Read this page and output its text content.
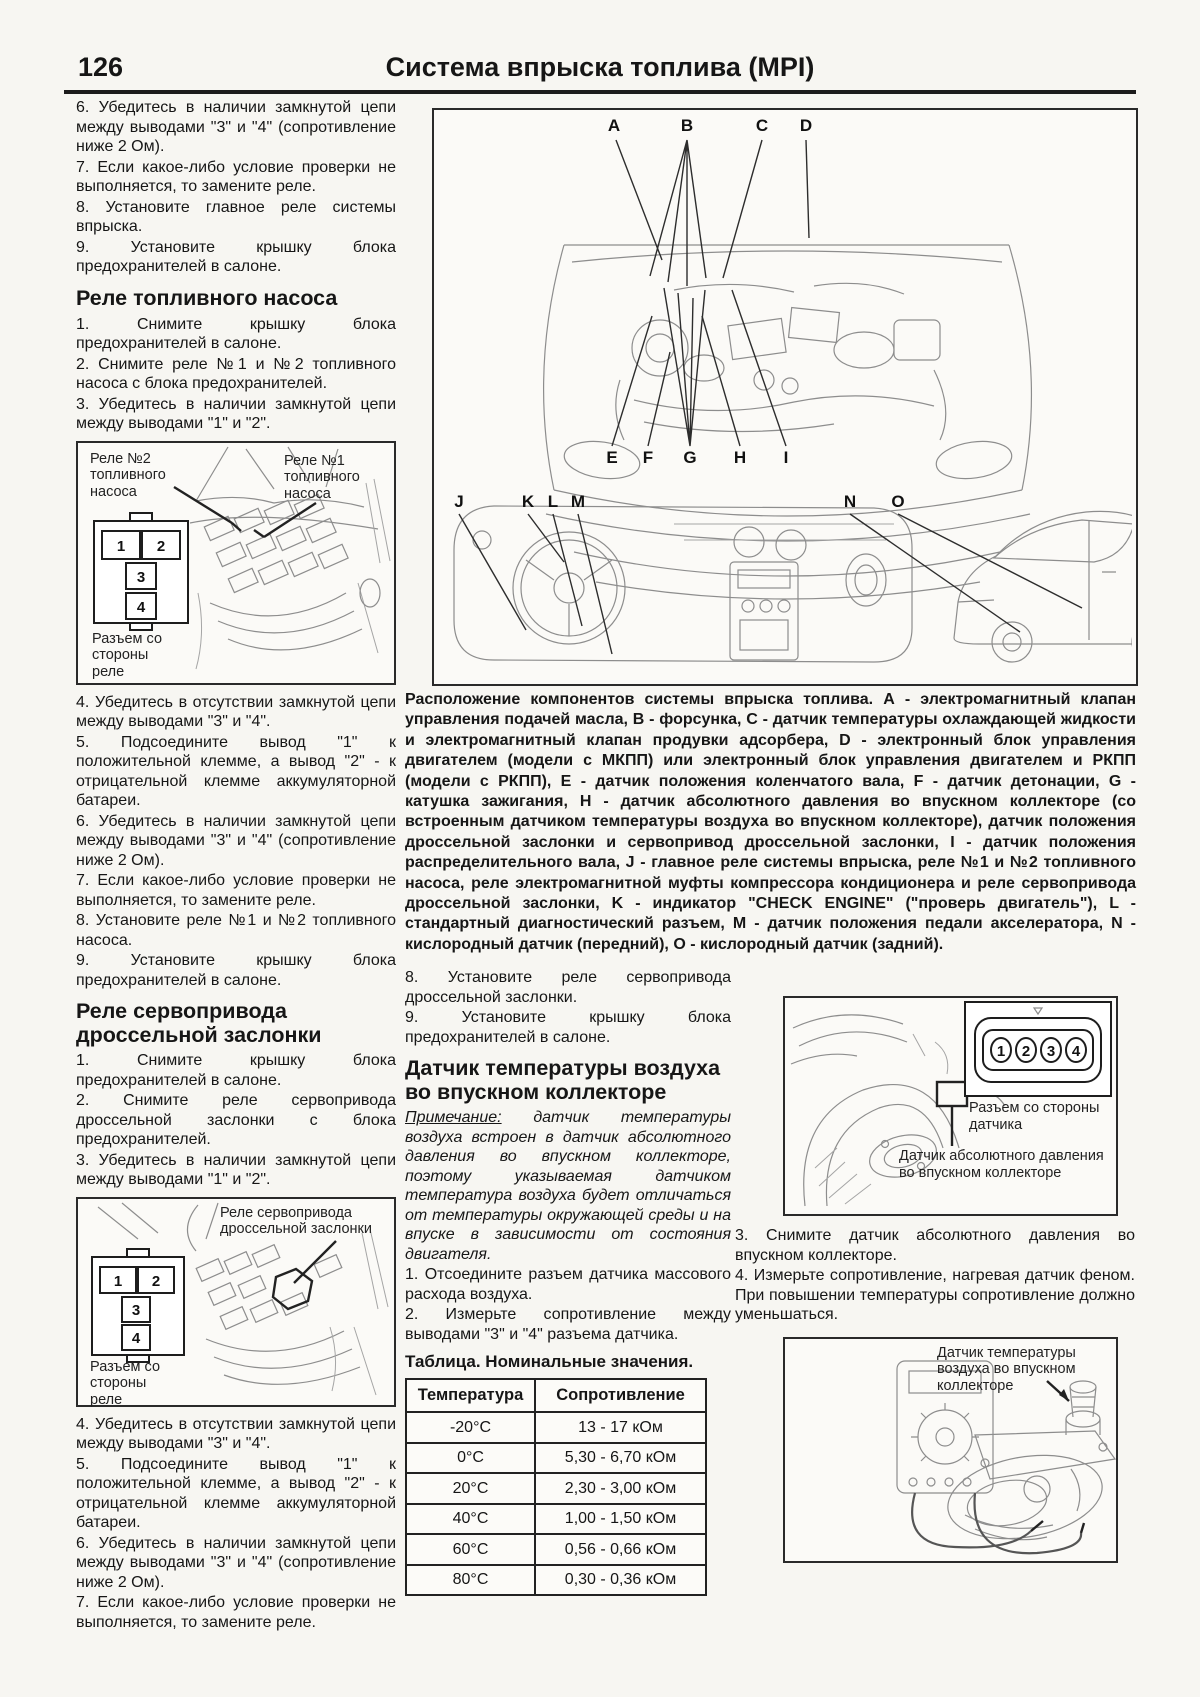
126	Система впрыска топлива (MPI)

6. Убедитесь в наличии замкнутой цепи между выводами "3" и "4" (сопротивление ниже 2 Ом).

7. Если какое-либо условие проверки не выполняется, то замените реле.

8. Установите главное реле системы впрыска.

9. Установите крышку блока предохранителей в салоне.

Реле топливного насоса

1. Снимите крышку блока предохранителей в салоне.

2. Снимите реле №1 и №2 топливного насоса с блока предохранителей.

3. Убедитесь в наличии замкнутой цепи между выводами "1" и "2".

1 2
3
4
Реле №2 топливного насоса
Реле №1 топливного насоса
Разъем со стороны реле

4. Убедитесь в отсутствии замкнутой цепи между выводами "3" и "4".

5. Подсоедините вывод "1" к положительной клемме, а вывод "2" - к отрицательной клемме аккумуляторной батареи.

6. Убедитесь в наличии замкнутой цепи между выводами "3" и "4" (сопротивление ниже 2 Ом).

7. Если какое-либо условие проверки не выполняется, то замените реле.

8. Установите реле №1 и №2 топливного насоса.

9. Установите крышку блока предохранителей в салоне.

Реле сервопривода дроссельной заслонки

1. Снимите крышку блока предохранителей в салоне.

2. Снимите реле сервопривода дроссельной заслонки с блока предохранителей.

3. Убедитесь в наличии замкнутой цепи между выводами "1" и "2".

1 2
3
4
Реле сервопривода дроссельной заслонки
Разъем со стороны реле

4. Убедитесь в отсутствии замкнутой цепи между выводами "3" и "4".

5. Подсоедините вывод "1" к положительной клемме, а вывод "2" - к отрицательной клемме аккумуляторной батареи.

6. Убедитесь в наличии замкнутой цепи между выводами "3" и "4" (сопротивление ниже 2 Ом).

7. Если какое-либо условие проверки не выполняется, то замените реле.

A	B	C D
E F G H	I
J	K L M	N O
Расположение компонентов системы впрыска топлива. А - электромагнитный клапан управления подачей масла, В - форсунка, С - датчик температуры охлаждающей жидкости и электромагнитный клапан продувки адсорбера, D - электронный блок управления двигателем (модели с МКПП) или электронный блок управления двигателем и РКПП (модели с РКПП), Е - датчик положения коленчатого вала, F - датчик детонации, G - катушка зажигания, Н - датчик абсолютного давления во впускном коллекторе (со встроенным датчиком температуры воздуха во впускном коллекторе), датчик положения дроссельной заслонки и сервопривод дроссельной заслонки, I - датчик положения распределительного вала, J - главное реле системы впрыска, реле №1 и №2 топливного насоса, реле электромагнитной муфты компрессора кондиционера и реле сервопривода дроссельной заслонки, K - индикатор "CHECK ENGINE" ("проверь двигатель"), L - стандартный диагностический разъем, M - датчик положения педали акселератора, N - кислородный датчик (передний), O - кислородный датчик (задний).

8. Установите реле сервопривода дроссельной заслонки.

9. Установите крышку блока предохранителей в салоне.

Датчик температуры воздуха во впускном коллекторе

Примечание: датчик температуры воздуха встроен в датчик абсолютного давления во впускном коллекторе, поэтому указываемая датчиком температура воздуха будет отличаться от температуры окружающей среды и на впуске в зависимости от состояния двигателя.

1. Отсоедините разъем датчика массового расхода воздуха.

2. Измерьте сопротивление между выводами "3" и "4" разъема датчика.

Таблица. Номинальные значения.
Температура	Сопротивление
-20°C	13 - 17 кОм
0°C	5,30 - 6,70 кОм
20°C	2,30 - 3,00 кОм
40°C	1,00 - 1,50 кОм
60°C	0,56 - 0,66 кОм
80°C	0,30 - 0,36 кОм
1 2 3 4
Разъем со стороны датчика
Датчик абсолютного давления во впускном коллекторе

3. Снимите датчик абсолютного давления во впускном коллекторе.

4. Измерьте сопротивление, нагревая датчик феном. При повышении температуры сопротивление должно уменьшаться.

Датчик температуры воздуха во впускном коллекторе
